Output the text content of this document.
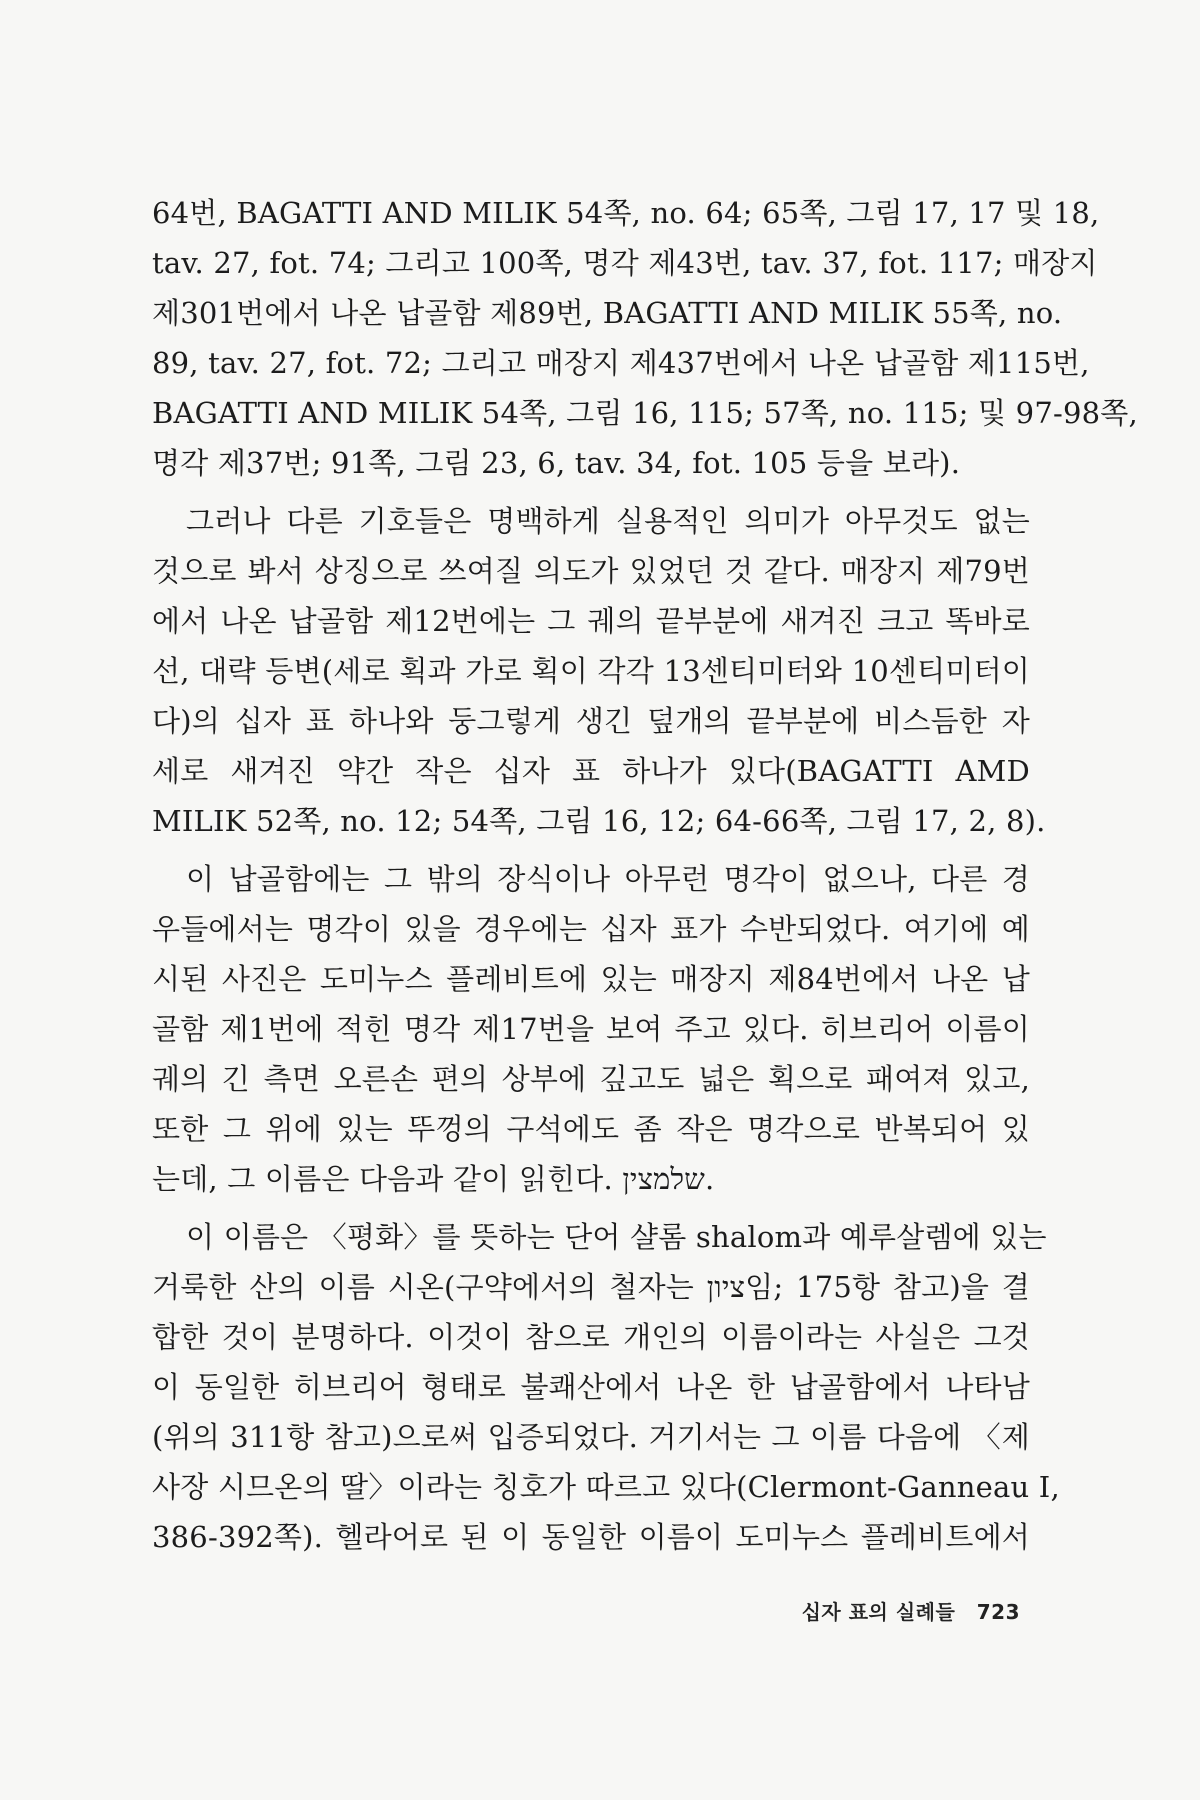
64번, BAGATTI AND MILIK 54쪽, no. 64; 65쪽, 그림 17, 17 및 18,
tav. 27, fot. 74; 그리고 100쪽, 명각 제43번, tav. 37, fot. 117; 매장지
제301번에서 나온 납골함 제89번, BAGATTI AND MILIK 55쪽, no.
89, tav. 27, fot. 72; 그리고 매장지 제437번에서 나온 납골함 제115번,
BAGATTI AND MILIK 54쪽, 그림 16, 115; 57쪽, no. 115; 및 97-98쪽,
명각 제37번; 91쪽, 그림 23, 6, tav. 34, fot. 105 등을 보라).
그러나 다른 기호들은 명백하게 실용적인 의미가 아무것도 없는
것으로 봐서 상징으로 쓰여질 의도가 있었던 것 같다. 매장지 제79번
에서 나온 납골함 제12번에는 그 궤의 끝부분에 새겨진 크고 똑바로
선, 대략 등변(세로 획과 가로 획이 각각 13센티미터와 10센티미터이
다)의 십자 표 하나와 둥그렇게 생긴 덮개의 끝부분에 비스듬한 자
세로 새겨진 약간 작은 십자 표 하나가 있다(BAGATTI AMD
MILIK 52쪽, no. 12; 54쪽, 그림 16, 12; 64-66쪽, 그림 17, 2, 8).
이 납골함에는 그 밖의 장식이나 아무런 명각이 없으나, 다른 경
우들에서는 명각이 있을 경우에는 십자 표가 수반되었다. 여기에 예
시된 사진은 도미누스 플레비트에 있는 매장지 제84번에서 나온 납
골함 제1번에 적힌 명각 제17번을 보여 주고 있다. 히브리어 이름이
궤의 긴 측면 오른손 편의 상부에 깊고도 넓은 획으로 패여져 있고,
또한 그 위에 있는 뚜껑의 구석에도 좀 작은 명각으로 반복되어 있
는데, 그 이름은 다음과 같이 읽힌다. שלמצין.
이 이름은 〈평화〉를 뜻하는 단어 샬롬 shalom과 예루살렘에 있는
거룩한 산의 이름 시온(구약에서의 철자는 ציון임; 175항 참고)을 결
합한 것이 분명하다. 이것이 참으로 개인의 이름이라는 사실은 그것
이 동일한 히브리어 형태로 불쾌산에서 나온 한 납골함에서 나타남
(위의 311항 참고)으로써 입증되었다. 거기서는 그 이름 다음에 〈제
사장 시므온의 딸〉이라는 칭호가 따르고 있다(Clermont-Ganneau I,
386-392쪽). 헬라어로 된 이 동일한 이름이 도미누스 플레비트에서
십자 표의 실례들 723
